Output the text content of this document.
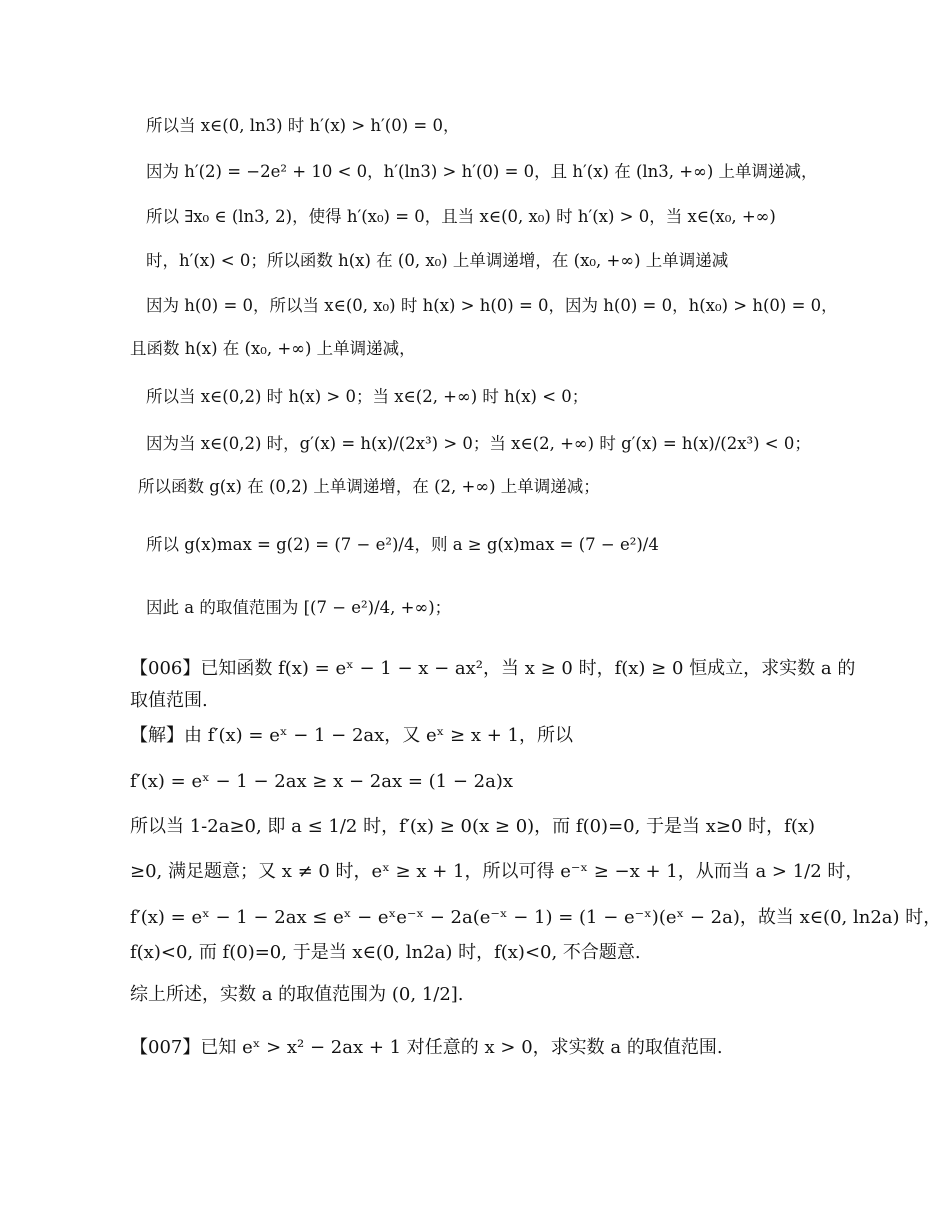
所以当 x∈(0, ln3) 时 h′(x) > h′(0) = 0，
因为 h′(2) = −2e² + 10 < 0，h′(ln3) > h′(0) = 0，且 h′(x) 在 (ln3, +∞) 上单调递减，
所以 ∃x₀ ∈ (ln3, 2)，使得 h′(x₀) = 0，且当 x∈(0, x₀) 时 h′(x) > 0，当 x∈(x₀, +∞)
时，h′(x) < 0；所以函数 h(x) 在 (0, x₀) 上单调递增，在 (x₀, +∞) 上单调递减
因为 h(0) = 0，所以当 x∈(0, x₀) 时 h(x) > h(0) = 0，因为 h(0) = 0，h(x₀) > h(0) = 0，
且函数 h(x) 在 (x₀, +∞) 上单调递减，
所以当 x∈(0,2) 时 h(x) > 0；当 x∈(2, +∞) 时 h(x) < 0；
因为当 x∈(0,2) 时，g′(x) = h(x)/(2x³) > 0；当 x∈(2, +∞) 时 g′(x) = h(x)/(2x³) < 0；
所以函数 g(x) 在 (0,2) 上单调递增，在 (2, +∞) 上单调递减；
所以 g(x)max = g(2) = (7 − e²)/4，则 a ≥ g(x)max = (7 − e²)/4
因此 a 的取值范围为 [(7 − e²)/4, +∞)；
【006】已知函数 f(x) = eˣ − 1 − x − ax²，当 x ≥ 0 时，f(x) ≥ 0 恒成立，求实数 a 的
取值范围.
【解】由 f′(x) = eˣ − 1 − 2ax，又 eˣ ≥ x + 1，所以
f′(x) = eˣ − 1 − 2ax ≥ x − 2ax = (1 − 2a)x
所以当 1-2a≥0, 即 a ≤ 1/2 时，f′(x) ≥ 0(x ≥ 0)，而 f(0)=0, 于是当 x≥0 时，f(x)
≥0, 满足题意；又 x ≠ 0 时，eˣ ≥ x + 1，所以可得 e⁻ˣ ≥ −x + 1，从而当 a > 1/2 时，
f′(x) = eˣ − 1 − 2ax ≤ eˣ − eˣe⁻ˣ − 2a(e⁻ˣ − 1) = (1 − e⁻ˣ)(eˣ − 2a)，故当 x∈(0, ln2a) 时，
f(x)<0, 而 f(0)=0, 于是当 x∈(0, ln2a) 时，f(x)<0, 不合题意.
综上所述，实数 a 的取值范围为 (0, 1/2].
【007】已知 eˣ > x² − 2ax + 1 对任意的 x > 0，求实数 a 的取值范围.
